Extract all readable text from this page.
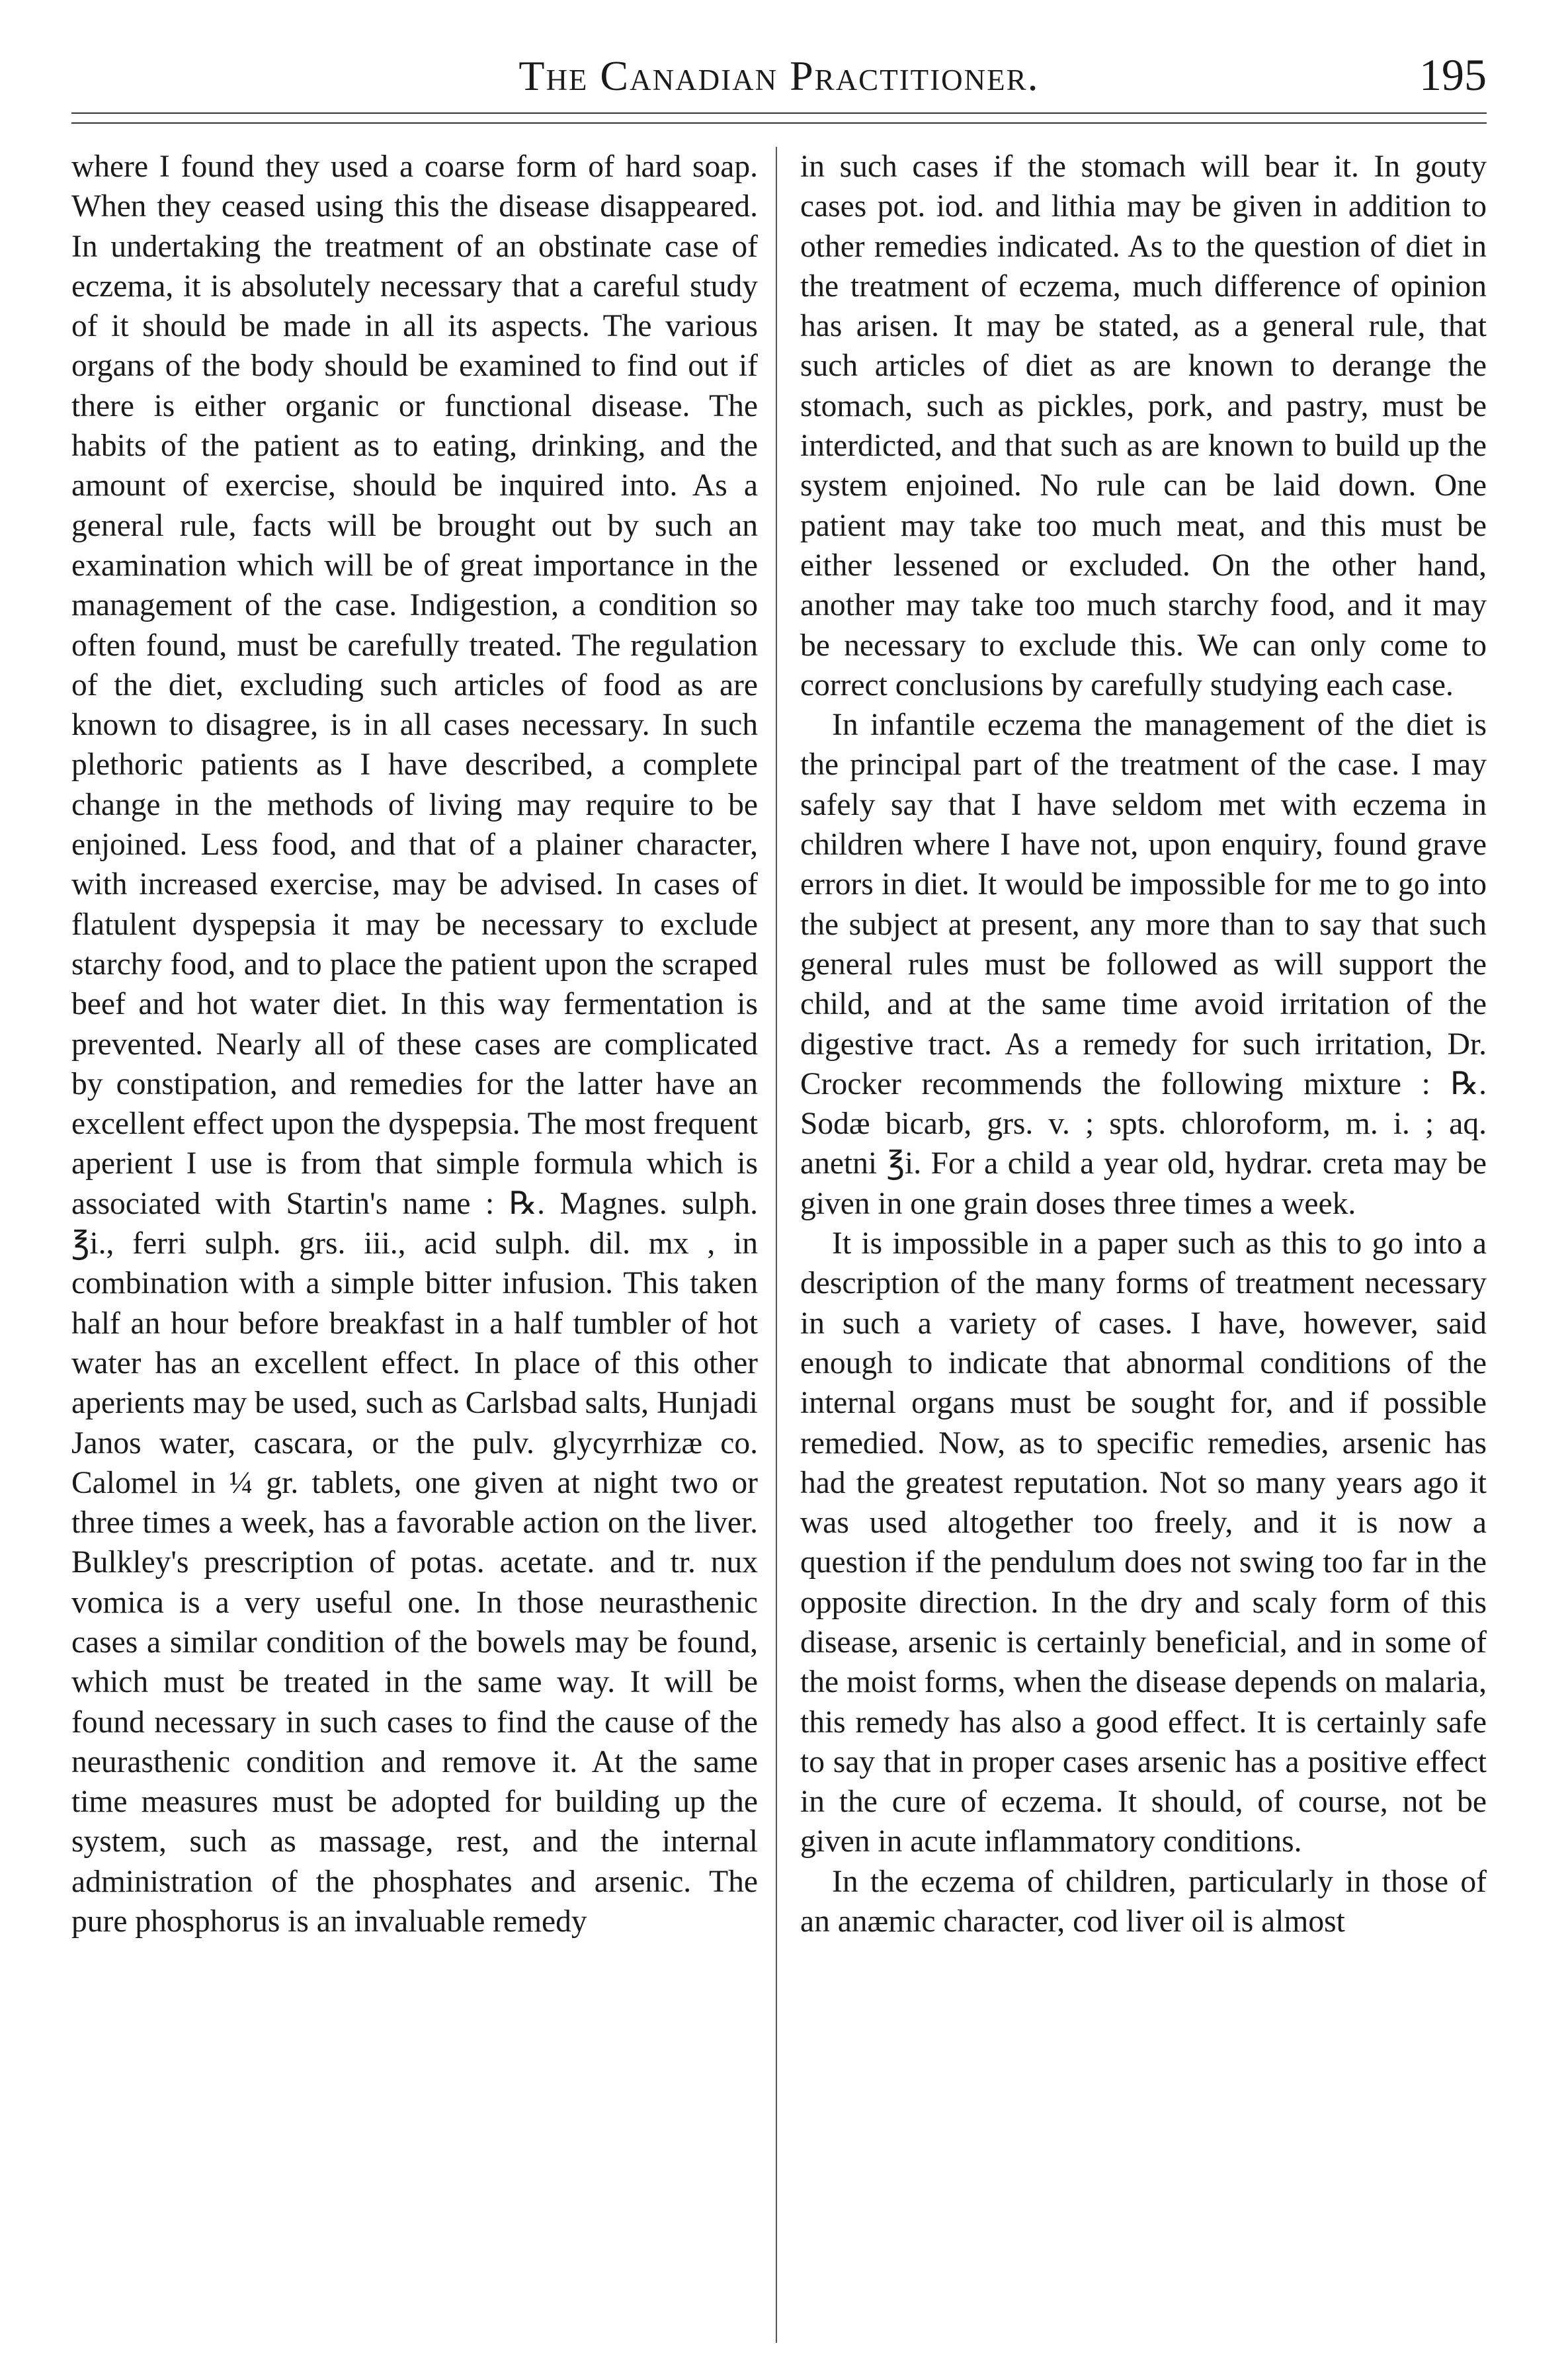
The Canadian Practitioner.	195

where I found they used a coarse form of hard soap. When they ceased using this the disease disappeared. In undertaking the treatment of an obstinate case of eczema, it is absolutely necessary that a careful study of it should be made in all its aspects. The various organs of the body should be examined to find out if there is either organic or functional disease. The habits of the patient as to eating, drinking, and the amount of exercise, should be inquired into. As a general rule, facts will be brought out by such an examination which will be of great importance in the management of the case. Indigestion, a condition so often found, must be carefully treated. The regulation of the diet, excluding such articles of food as are known to disagree, is in all cases necessary. In such plethoric patients as I have described, a complete change in the methods of living may require to be enjoined. Less food, and that of a plainer character, with increased exercise, may be advised. In cases of flatulent dyspepsia it may be necessary to exclude starchy food, and to place the patient upon the scraped beef and hot water diet. In this way fermentation is prevented. Nearly all of these cases are complicated by constipation, and remedies for the latter have an excellent effect upon the dyspepsia. The most frequent aperient I use is from that simple formula which is associated with Startin's name : ℞. Magnes. sulph. ℥i., ferri sulph. grs. iii., acid sulph. dil. mx , in combination with a simple bitter infusion. This taken half an hour before breakfast in a half tumbler of hot water has an excellent effect. In place of this other aperients may be used, such as Carlsbad salts, Hunjadi Janos water, cascara, or the pulv. glycyrrhizæ co. Calomel in ¼ gr. tablets, one given at night two or three times a week, has a favorable action on the liver. Bulkley's prescription of potas. acetate. and tr. nux vomica is a very useful one. In those neurasthenic cases a similar condition of the bowels may be found, which must be treated in the same way. It will be found necessary in such cases to find the cause of the neurasthenic condition and remove it. At the same time measures must be adopted for building up the system, such as massage, rest, and the internal administration of the phosphates and arsenic. The pure phosphorus is an invaluable remedy

in such cases if the stomach will bear it. In gouty cases pot. iod. and lithia may be given in addition to other remedies indicated. As to the question of diet in the treatment of eczema, much difference of opinion has arisen. It may be stated, as a general rule, that such articles of diet as are known to derange the stomach, such as pickles, pork, and pastry, must be interdicted, and that such as are known to build up the system enjoined. No rule can be laid down. One patient may take too much meat, and this must be either lessened or excluded. On the other hand, another may take too much starchy food, and it may be necessary to exclude this. We can only come to correct conclusions by carefully studying each case.

In infantile eczema the management of the diet is the principal part of the treatment of the case. I may safely say that I have seldom met with eczema in children where I have not, upon enquiry, found grave errors in diet. It would be impossible for me to go into the subject at present, any more than to say that such general rules must be followed as will support the child, and at the same time avoid irritation of the digestive tract. As a remedy for such irritation, Dr. Crocker recommends the following mixture : ℞. Sodæ bicarb, grs. v. ; spts. chloroform, m. i. ; aq. anetni ℥i. For a child a year old, hydrar. creta may be given in one grain doses three times a week.

It is impossible in a paper such as this to go into a description of the many forms of treatment necessary in such a variety of cases. I have, however, said enough to indicate that abnormal conditions of the internal organs must be sought for, and if possible remedied. Now, as to specific remedies, arsenic has had the greatest reputation. Not so many years ago it was used altogether too freely, and it is now a question if the pendulum does not swing too far in the opposite direction. In the dry and scaly form of this disease, arsenic is certainly beneficial, and in some of the moist forms, when the disease depends on malaria, this remedy has also a good effect. It is certainly safe to say that in proper cases arsenic has a positive effect in the cure of eczema. It should, of course, not be given in acute inflammatory conditions.

In the eczema of children, particularly in those of an anæmic character, cod liver oil is almost
